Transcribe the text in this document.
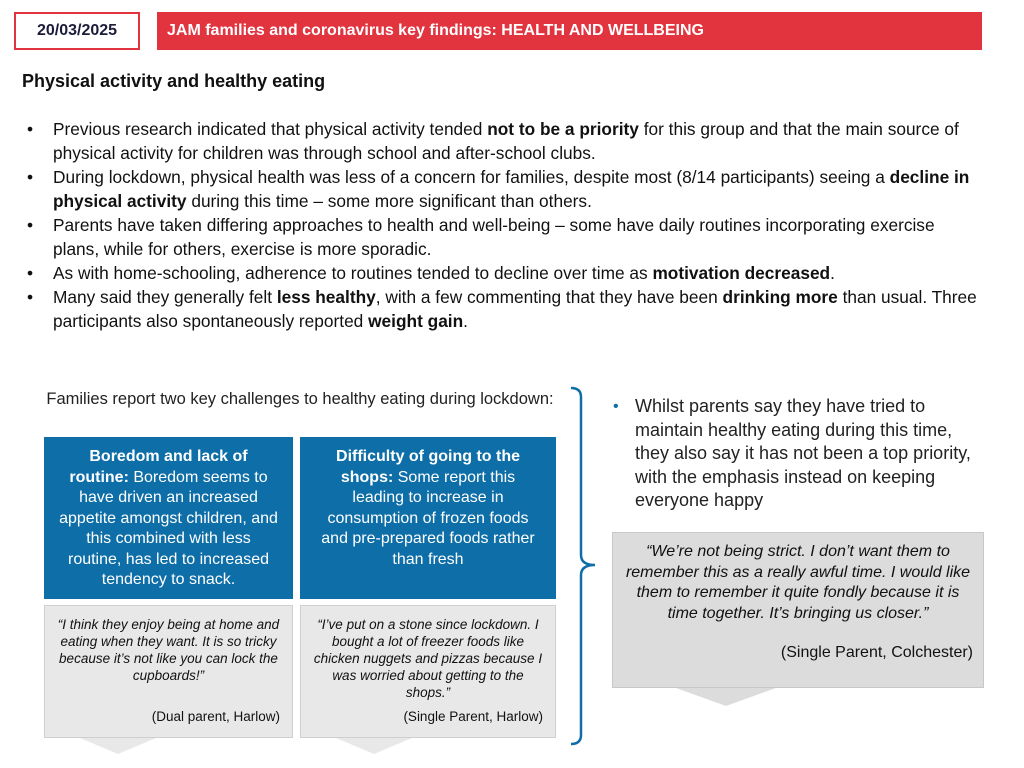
20/03/2025	JAM families and coronavirus key findings: HEALTH AND WELLBEING
Physical activity and healthy eating
• Previous research indicated that physical activity tended not to be a priority for this group and that the main source of physical activity for children was through school and after-school clubs.
• During lockdown, physical health was less of a concern for families, despite most (8/14 participants) seeing a decline in physical activity during this time – some more significant than others.
• Parents have taken differing approaches to health and well-being – some have daily routines incorporating exercise plans, while for others, exercise is more sporadic.
• As with home-schooling, adherence to routines tended to decline over time as motivation decreased.
• Many said they generally felt less healthy, with a few commenting that they have been drinking more than usual. Three participants also spontaneously reported weight gain.
Families report two key challenges to healthy eating during lockdown:
Boredom and lack of routine: Boredom seems to have driven an increased appetite amongst children, and this combined with less routine, has led to increased tendency to snack.
Difficulty of going to the shops: Some report this leading to increase in consumption of frozen foods and pre-prepared foods rather than fresh
“I think they enjoy being at home and eating when they want. It is so tricky because it’s not like you can lock the cupboards!”
(Dual parent, Harlow)
“I’ve put on a stone since lockdown. I bought a lot of freezer foods like chicken nuggets and pizzas because I was worried about getting to the shops.”
(Single Parent, Harlow)
• Whilst parents say they have tried to maintain healthy eating during this time, they also say it has not been a top priority, with the emphasis instead on keeping everyone happy
“We’re not being strict. I don’t want them to remember this as a really awful time. I would like them to remember it quite fondly because it is time together. It’s bringing us closer.”
(Single Parent, Colchester)
